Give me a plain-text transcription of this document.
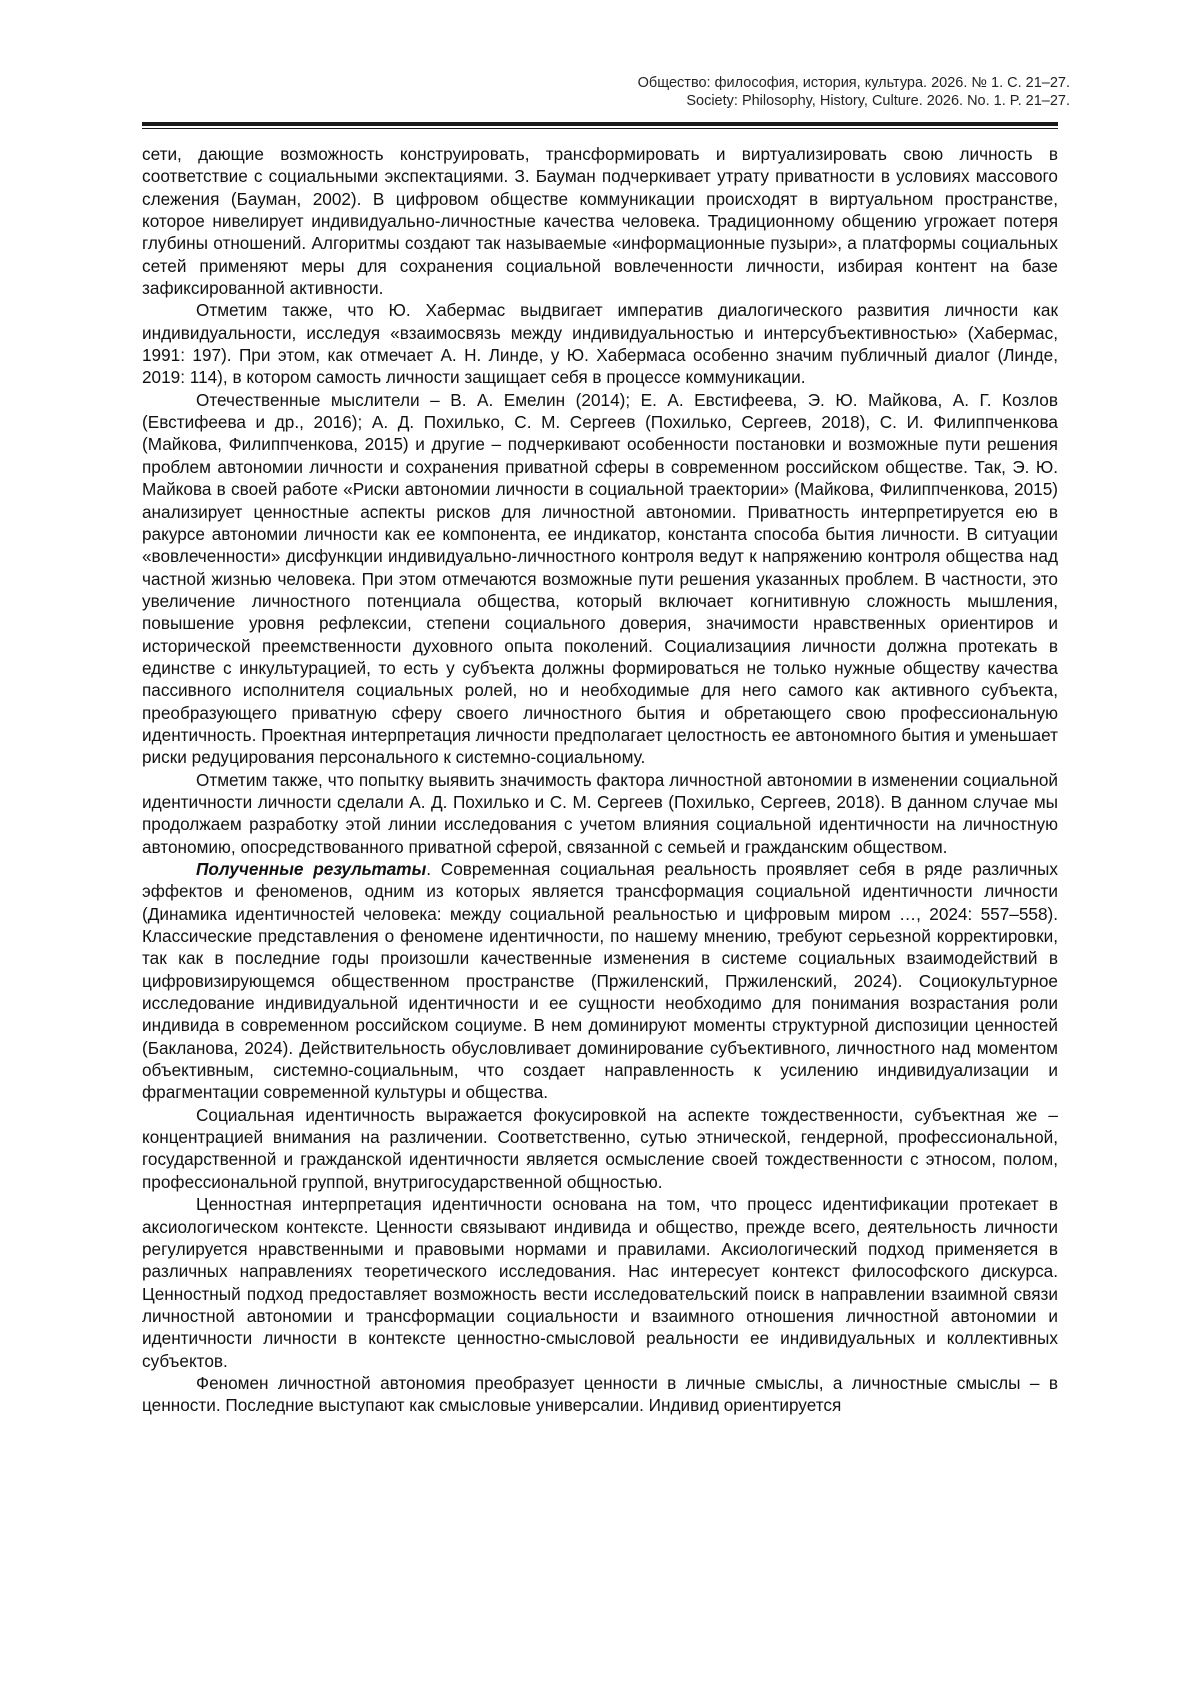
Общество: философия, история, культура. 2026. № 1. С. 21–27.
Society: Philosophy, History, Culture. 2026. No. 1. P. 21–27.

сети, дающие возможность конструировать, трансформировать и виртуализировать свою личность в соответствие с социальными экспектациями. З. Бауман подчеркивает утрату приватности в условиях массового слежения (Бауман, 2002). В цифровом обществе коммуникации происходят в виртуальном пространстве, которое нивелирует индивидуально-личностные качества человека. Традиционному общению угрожает потеря глубины отношений. Алгоритмы создают так называемые «информационные пузыри», а платформы социальных сетей применяют меры для сохранения социальной вовлеченности личности, избирая контент на базе зафиксированной активности.

Отметим также, что Ю. Хабермас выдвигает императив диалогического развития личности как индивидуальности, исследуя «взаимосвязь между индивидуальностью и интерсубъективностью» (Хабермас, 1991: 197). При этом, как отмечает А. Н. Линде, у Ю. Хабермаса особенно значим публичный диалог (Линде, 2019: 114), в котором самость личности защищает себя в процессе коммуникации.

Отечественные мыслители – В. А. Емелин (2014); Е. А. Евстифеева, Э. Ю. Майкова, А. Г. Козлов (Евстифеева и др., 2016); А. Д. Похилько, С. М. Сергеев (Похилько, Сергеев, 2018), С. И. Филиппченкова (Майкова, Филиппченкова, 2015) и другие – подчеркивают особенности постановки и возможные пути решения проблем автономии личности и сохранения приватной сферы в современном российском обществе. Так, Э. Ю. Майкова в своей работе «Риски автономии личности в социальной траектории» (Майкова, Филиппченкова, 2015) анализирует ценностные аспекты рисков для личностной автономии. Приватность интерпретируется ею в ракурсе автономии личности как ее компонента, ее индикатор, константа способа бытия личности. В ситуации «вовлеченности» дисфункции индивидуально-личностного контроля ведут к напряжению контроля общества над частной жизнью человека. При этом отмечаются возможные пути решения указанных проблем. В частности, это увеличение личностного потенциала общества, который включает когнитивную сложность мышления, повышение уровня рефлексии, степени социального доверия, значимости нравственных ориентиров и исторической преемственности духовного опыта поколений. Социализациия личности должна протекать в единстве с инкультурацией, то есть у субъекта должны формироваться не только нужные обществу качества пассивного исполнителя социальных ролей, но и необходимые для него самого как активного субъекта, преобразующего приватную сферу своего личностного бытия и обретающего свою профессиональную идентичность. Проектная интерпретация личности предполагает целостность ее автономного бытия и уменьшает риски редуцирования персонального к системно-социальному.

Отметим также, что попытку выявить значимость фактора личностной автономии в изменении социальной идентичности личности сделали А. Д. Похилько и С. М. Сергеев (Похилько, Сергеев, 2018). В данном случае мы продолжаем разработку этой линии исследования с учетом влияния социальной идентичности на личностную автономию, опосредствованного приватной сферой, связанной с семьей и гражданским обществом.

Полученные результаты. Современная социальная реальность проявляет себя в ряде различных эффектов и феноменов, одним из которых является трансформация социальной идентичности личности (Динамика идентичностей человека: между социальной реальностью и цифровым миром …, 2024: 557–558). Классические представления о феномене идентичности, по нашему мнению, требуют серьезной корректировки, так как в последние годы произошли качественные изменения в системе социальных взаимодействий в цифровизирующемся общественном пространстве (Пржиленский, Пржиленский, 2024). Социокультурное исследование индивидуальной идентичности и ее сущности необходимо для понимания возрастания роли индивида в современном российском социуме. В нем доминируют моменты структурной диспозиции ценностей (Бакланова, 2024). Действительность обусловливает доминирование субъективного, личностного над моментом объективным, системно-социальным, что создает направленность к усилению индивидуализации и фрагментации современной культуры и общества.

Социальная идентичность выражается фокусировкой на аспекте тождественности, субъектная же – концентрацией внимания на различении. Соответственно, сутью этнической, гендерной, профессиональной, государственной и гражданской идентичности является осмысление своей тождественности с этносом, полом, профессиональной группой, внутригосударственной общностью.

Ценностная интерпретация идентичности основана на том, что процесс идентификации протекает в аксиологическом контексте. Ценности связывают индивида и общество, прежде всего, деятельность личности регулируется нравственными и правовыми нормами и правилами. Аксиологический подход применяется в различных направлениях теоретического исследования. Нас интересует контекст философского дискурса. Ценностный подход предоставляет возможность вести исследовательский поиск в направлении взаимной связи личностной автономии и трансформации социальности и взаимного отношения личностной автономии и идентичности личности в контексте ценностно-смысловой реальности ее индивидуальных и коллективных субъектов.

Феномен личностной автономия преобразует ценности в личные смыслы, а личностные смыслы – в ценности. Последние выступают как смысловые универсалии. Индивид ориентируется
